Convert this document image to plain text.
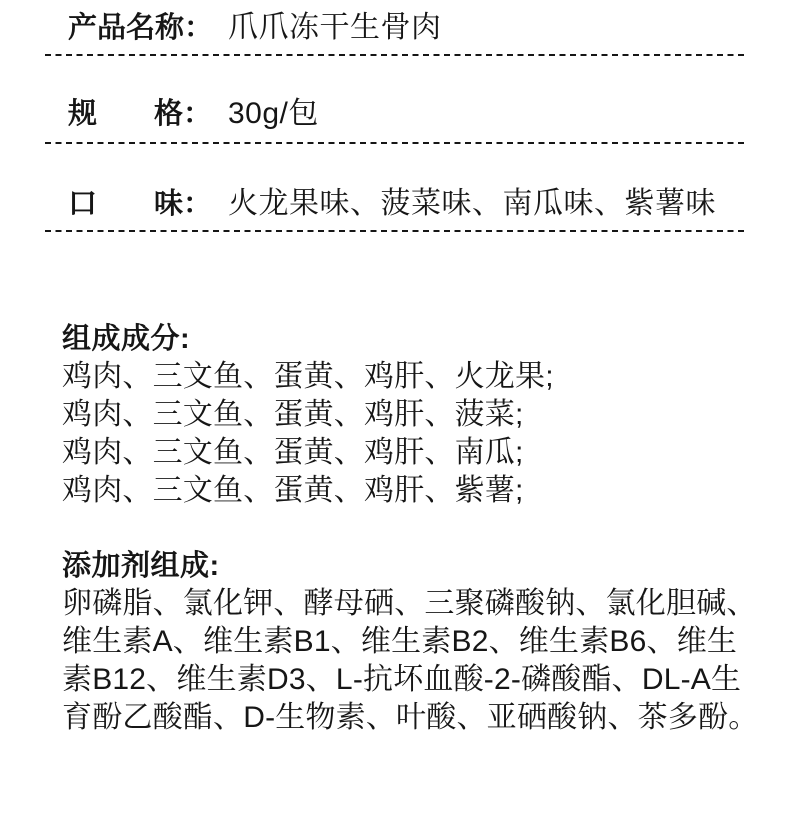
产品名称： 爪爪冻干生骨肉
规 格： 30g/包
口 味： 火龙果味、菠菜味、南瓜味、紫薯味
组成成分:
鸡肉、三文鱼、蛋黄、鸡肝、火龙果;
鸡肉、三文鱼、蛋黄、鸡肝、菠菜;
鸡肉、三文鱼、蛋黄、鸡肝、南瓜;
鸡肉、三文鱼、蛋黄、鸡肝、紫薯;
添加剂组成:
卵磷脂、氯化钾、酵母硒、三聚磷酸钠、氯化胆碱、
维生素A、维生素B1、维生素B2、维生素B6、维生
素B12、维生素D3、L-抗坏血酸-2-磷酸酯、DL-A生
育酚乙酸酯、D-生物素、叶酸、亚硒酸钠、茶多酚。
